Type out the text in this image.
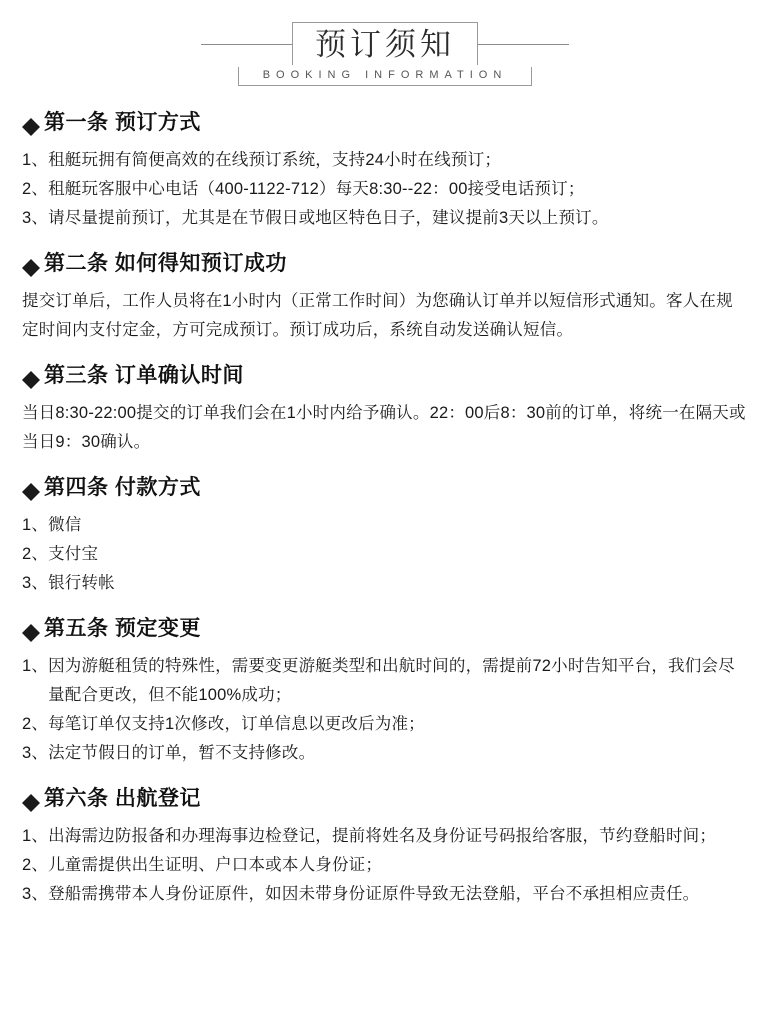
预订须知
BOOKING INFORMATION
第一条 预订方式
1、 租艇玩拥有简便高效的在线预订系统，支持24小时在线预订；
2、 租艇玩客服中心电话（400-1122-712）每天8:30--22：00接受电话预订；
3、 请尽量提前预订，尤其是在节假日或地区特色日子，建议提前3天以上预订。
第二条 如何得知预订成功

提交订单后，工作人员将在1小时内（正常工作时间）为您确认订单并以短信形式通知。客人在规定时间内支付定金，方可完成预订。预订成功后，系统自动发送确认短信。

第三条 订单确认时间

当日8:30-22:00提交的订单我们会在1小时内给予确认。22：00后8：30前的订单，将统一在隔天或当日9：30确认。

第四条 付款方式
1、 微信
2、 支付宝
3、 银行转帐
第五条 预定变更
1、 因为游艇租赁的特殊性，需要变更游艇类型和出航时间的，需提前72小时告知平台，我们会尽量配合更改，但不能100%成功；
2、 每笔订单仅支持1次修改，订单信息以更改后为准；
3、 法定节假日的订单，暂不支持修改。
第六条 出航登记
1、 出海需边防报备和办理海事边检登记，提前将姓名及身份证号码报给客服，节约登船时间；
2、 儿童需提供出生证明、户口本或本人身份证；
3、 登船需携带本人身份证原件，如因未带身份证原件导致无法登船，平台不承担相应责任。
